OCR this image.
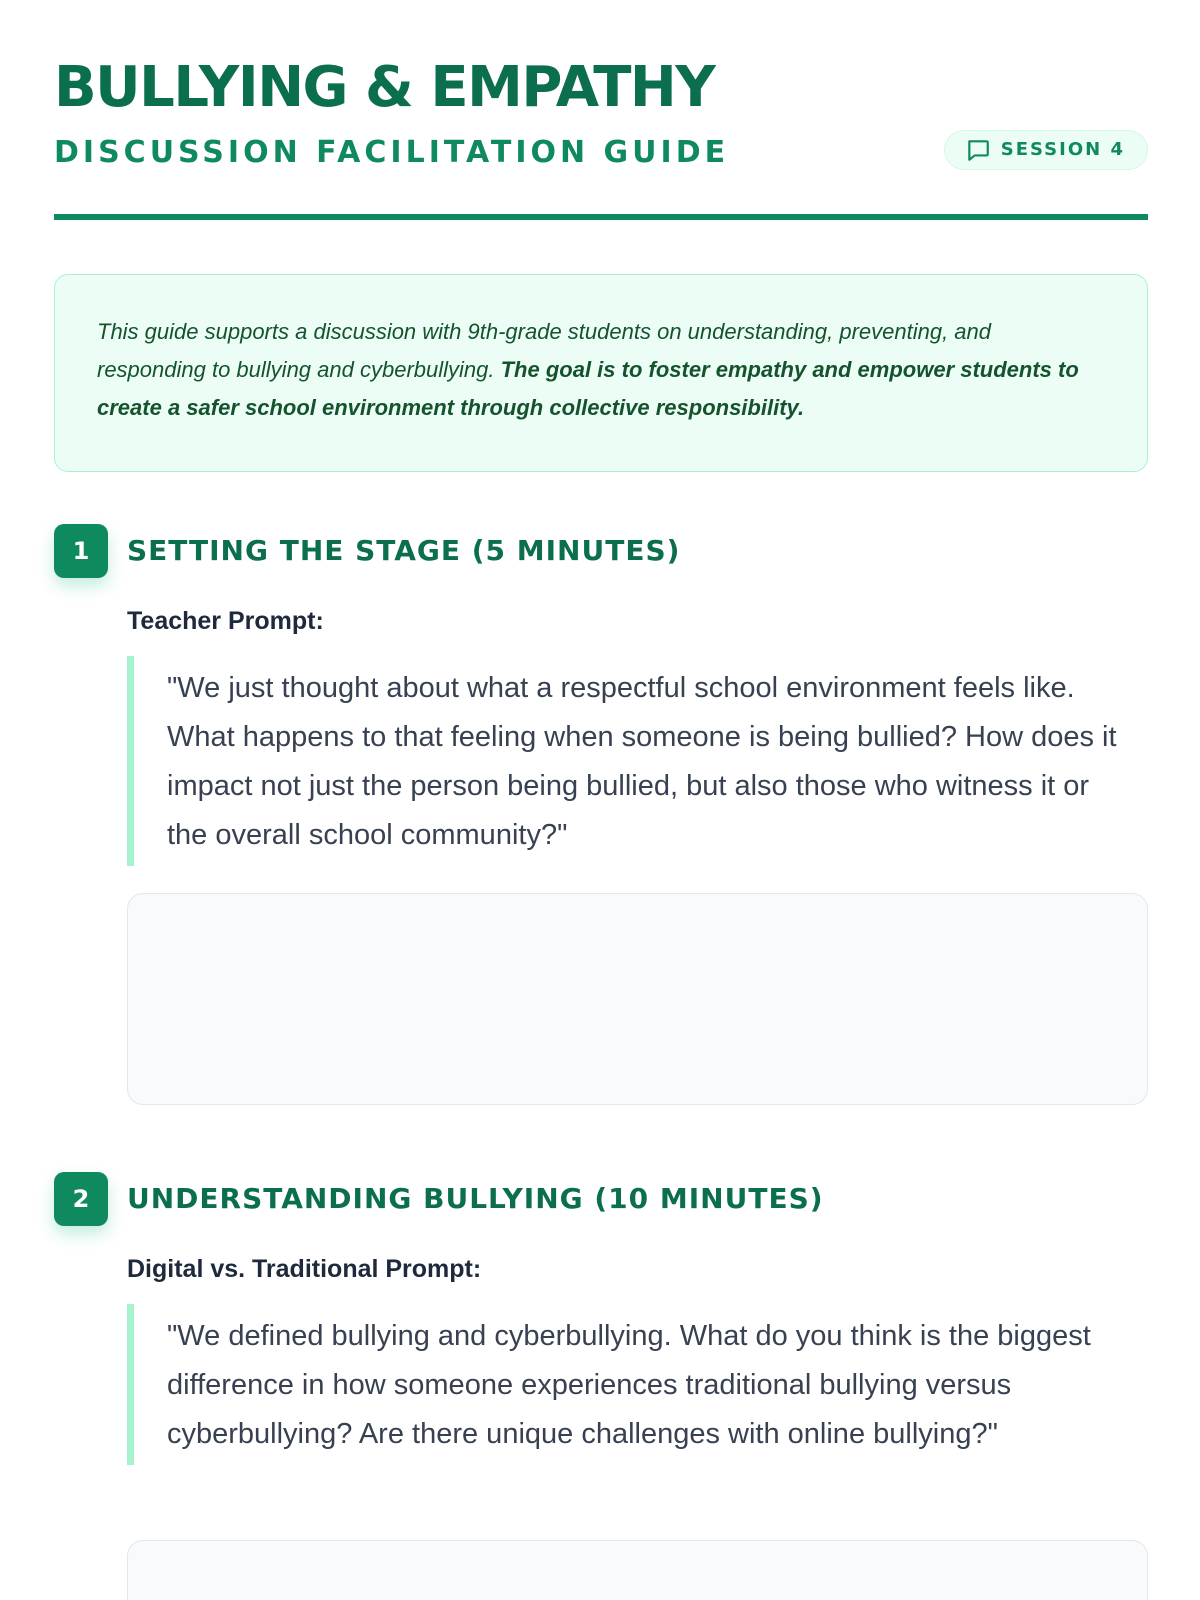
BULLYING & EMPATHY
DISCUSSION FACILITATION GUIDE	SESSION 4
This guide supports a discussion with 9th-grade students on understanding, preventing, and responding to bullying and cyberbullying. The goal is to foster empathy and empower students to create a safer school environment through collective responsibility.
1	SETTING THE STAGE (5 MINUTES)
Teacher Prompt:
"We just thought about what a respectful school environment feels like. What happens to that feeling when someone is being bullied? How does it impact not just the person being bullied, but also those who witness it or the overall school community?"
2	UNDERSTANDING BULLYING (10 MINUTES)
Digital vs. Traditional Prompt:
"We defined bullying and cyberbullying. What do you think is the biggest difference in how someone experiences traditional bullying versus cyberbullying? Are there unique challenges with online bullying?"
